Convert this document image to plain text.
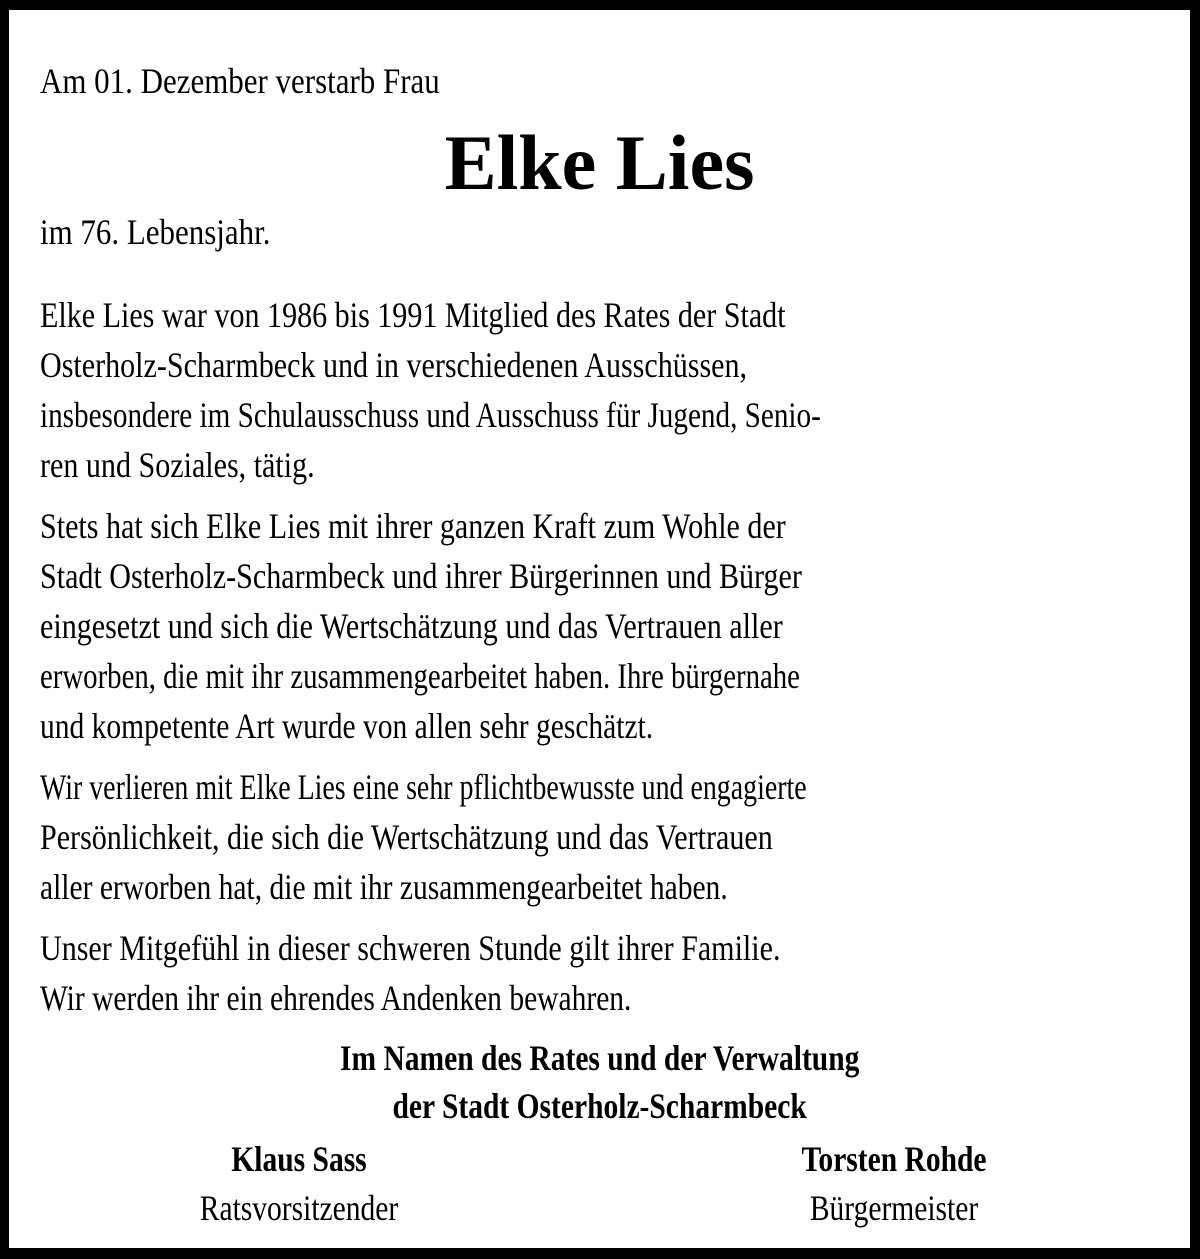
Am 01. Dezember verstarb Frau
Elke Lies
im 76. Lebensjahr.
Elke Lies war von 1986 bis 1991 Mitglied des Rates der Stadt
Osterholz-Scharmbeck und in verschiedenen Ausschüssen,
insbesondere im Schulausschuss und Ausschuss für Jugend, Senio-
ren und Soziales, tätig.
Stets hat sich Elke Lies mit ihrer ganzen Kraft zum Wohle der
Stadt Osterholz-Scharmbeck und ihrer Bürgerinnen und Bürger
eingesetzt und sich die Wertschätzung und das Vertrauen aller
erworben, die mit ihr zusammengearbeitet haben. Ihre bürgernahe
und kompetente Art wurde von allen sehr geschätzt.
Wir verlieren mit Elke Lies eine sehr pflichtbewusste und engagierte
Persönlichkeit, die sich die Wertschätzung und das Vertrauen
aller erworben hat, die mit ihr zusammengearbeitet haben.
Unser Mitgefühl in dieser schweren Stunde gilt ihrer Familie.
Wir werden ihr ein ehrendes Andenken bewahren.
Im Namen des Rates und der Verwaltung
der Stadt Osterholz-Scharmbeck
Klaus Sass
Ratsvorsitzender
Torsten Rohde
Bürgermeister
